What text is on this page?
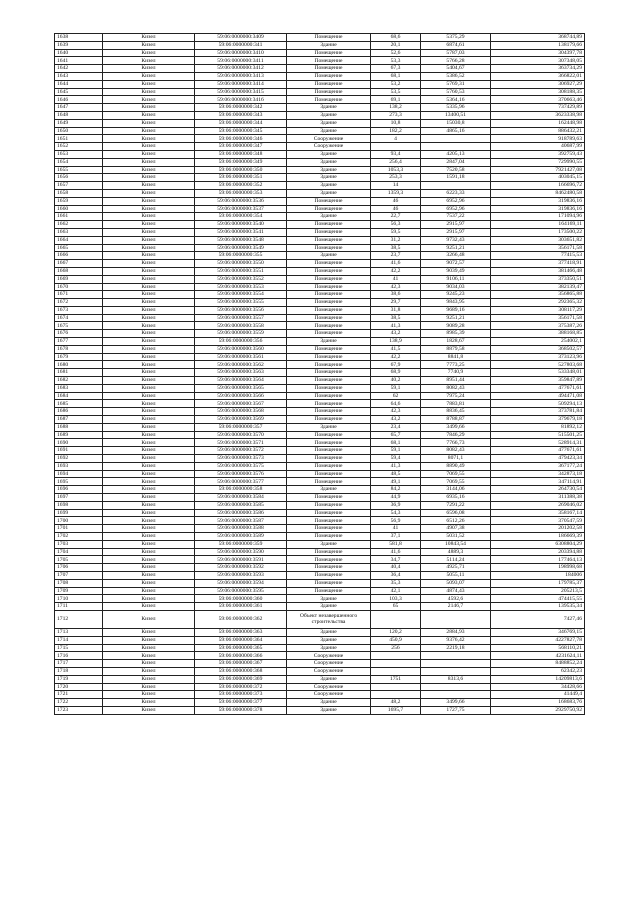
1638	Кизел	59:06:0000000:3409	Помещение	68,6	5375,29	368744,89
1639	Кизел	59:06:0000000:341	Здание	20,1	6874,61	138179,66
1640	Кизел	59:06:0000000:3410	Помещение	52,6	5787,03	304397,78
1641	Кизел	59:06:0000000:3411	Помещение	53,3	5766,28	307348,05
1642	Кизел	59:06:0000000:3412	Помещение	67,3	5404,67	363734,29
1643	Кизел	59:06:0000000:3413	Помещение	68,1	5386,52	366822,01
1644	Кизел	59:06:0000000:3414	Помещение	53,2	5769,31	306927,29
1645	Кизел	59:06:0000000:3415	Помещение	53,5	5760,53	308188,35
1646	Кизел	59:06:0000000:3416	Помещение	69,1	5364,16	370663,46
1647	Кизел	59:06:0000000:342	Здание	138,2	5335,96	737429,89
1648	Кизел	59:06:0000000:343	Здание	273,3	13400,51	3623338,98
1649	Кизел	59:06:0000000:344	Здание	10,8	15030,8	162448,98
1650	Кизел	59:06:0000000:345	Здание	182,2	4865,16	886432,21
1651	Кизел	59:06:0000000:346	Сооружение	4		918789,63
1652	Кизел	59:06:0000000:347	Сооружение			40687,99
1653	Кизел	59:06:0000000:348	Здание	93,4	4205,13	392759,43
1654	Кизел	59:06:0000000:349	Здание	256,4	2847,04	729990,55
1655	Кизел	59:06:0000000:350	Здание	1053,3	7520,58	7921427,08
1656	Кизел	59:06:0000000:351	Здание	253,3	1591,18	403045,15
1657	Кизел	59:06:0000000:352	Здание	14		166696,72
1658	Кизел	59:06:0000000:353	Здание	1359,3	6223,33	8462480,58
1659	Кизел	59:06:0000000:3536	Помещение	46	6952,96	319836,16
1660	Кизел	59:06:0000000:3537	Помещение	46	6952,96	319836,16
1661	Кизел	59:06:0000000:354	Здание	22,7	7537,22	171094,96
1662	Кизел	59:06:0000000:3540	Помещение	56,3	2915,97	164169,11
1663	Кизел	59:06:0000000:3541	Помещение	59,5	2915,97	173500,22
1664	Кизел	59:06:0000000:3548	Помещение	31,2	9732,43	303651,82
1665	Кизел	59:06:0000000:3549	Помещение	38,5	9251,21	356171,58
1666	Кизел	59:06:0000000:355	Здание	23,7	3266,48	77415,53
1667	Кизел	59:06:0000000:3550	Помещение	41,6	9072,57	377418,91
1668	Кизел	59:06:0000000:3551	Помещение	42,2	9039,49	381466,48
1669	Кизел	59:06:0000000:3552	Помещение	41	9106,11	373350,51
1670	Кизел	59:06:0000000:3553	Помещение	42,3	9034,03	382139,47
1671	Кизел	59:06:0000000:3554	Помещение	38,6	9245,23	356865,88
1672	Кизел	59:06:0000000:3555	Помещение	29,7	9843,95	292365,32
1673	Кизел	59:06:0000000:3556	Помещение	31,8	9689,16	308117,29
1674	Кизел	59:06:0000000:3557	Помещение	38,5	9251,21	356171,58
1675	Кизел	59:06:0000000:3558	Помещение	41,3	9089,28	375387,26
1676	Кизел	59:06:0000000:3559	Помещение	43,2	8985,39	388168,85
1677	Кизел	59:06:0000000:356	Здание	138,9	1828,67	254002,1
1678	Кизел	59:06:0000000:3560	Помещение	41,5	8879,58	368502,57
1679	Кизел	59:06:0000000:3561	Помещение	42,2	8841,8	373123,96
1680	Кизел	59:06:0000000:3562	Помещение	67,9	7773,25	527803,68
1681	Кизел	59:06:0000000:3563	Помещение	68,9	7740,9	533348,01
1682	Кизел	59:06:0000000:3564	Помещение	40,2	8951,44	359847,89
1683	Кизел	59:06:0000000:3565	Помещение	59,1	8082,43	477671,61
1684	Кизел	59:06:0000000:3566	Помещение	62	7975,24	494471,08
1685	Кизел	59:06:0000000:3567	Помещение	64,6	7883,81	509294,13
1686	Кизел	59:06:0000000:3568	Помещение	42,3	8836,45	373781,84
1687	Кизел	59:06:0000000:3569	Помещение	43,2	8788,87	379679,18
1688	Кизел	59:06:0000000:357	Здание	23,4	3499,66	81892,12
1689	Кизел	59:06:0000000:3570	Помещение	65,7	7846,29	515501,25
1690	Кизел	59:06:0000000:3571	Помещение	68,1	7766,73	528914,31
1691	Кизел	59:06:0000000:3572	Помещение	59,1	8082,43	477671,61
1692	Кизел	59:06:0000000:3573	Помещение	59,4	8071,1	479423,34
1693	Кизел	59:06:0000000:3575	Помещение	41,3	8890,49	367177,24
1694	Кизел	59:06:0000000:3576	Помещение	48,5	7069,55	342873,18
1695	Кизел	59:06:0000000:3577	Помещение	49,1	7069,55	347114,91
1696	Кизел	59:06:0000000:358	Здание	84,2	3144,06	264730,54
1697	Кизел	59:06:0000000:3584	Помещение	44,9	6935,16	311388,38
1698	Кизел	59:06:0000000:3585	Помещение	36,9	7291,22	269046,02
1699	Кизел	59:06:0000000:3586	Помещение	54,3	6596,08	358167,14
1700	Кизел	59:06:0000000:3587	Помещение	56,9	6512,26	370547,59
1701	Кизел	59:06:0000000:3588	Помещение	41	4907,38	201202,58
1702	Кизел	59:06:0000000:3589	Помещение	37,1	5031,52	186669,39
1703	Кизел	59:06:0000000:359	Здание	581,8	10843,54	6308804,29
1704	Кизел	59:06:0000000:3590	Помещение	41,6	4889,3	203394,88
1705	Кизел	59:06:0000000:3591	Помещение	34,7	5114,24	177464,13
1706	Кизел	59:06:0000000:3592	Помещение	40,4	4925,71	198998,68
1707	Кизел	59:06:0000000:3593	Помещение	36,4	5055,11	184006
1708	Кизел	59:06:0000000:3594	Помещение	35,3	5093,07	179785,37
1709	Кизел	59:06:0000000:3595	Помещение	42,1	4874,43	205213,5
1710	Кизел	59:06:0000000:360	Здание	103,3	4592,6	474415,55
1711	Кизел	59:06:0000000:361	Здание	65	2146,7	139535,34
1712	Кизел	59:06:0000000:362	Объект незавершенного строительства			7427,46
1713	Кизел	59:06:0000000:363	Здание	120,2	2884,93	346769,15
1714	Кизел	59:06:0000000:364	Здание	450,9	9376,42	4227827,78
1715	Кизел	59:06:0000000:365	Здание	256	2219,18	568110,21
1716	Кизел	59:06:0000000:366	Сооружение			4231624,11
1717	Кизел	59:06:0000000:367	Сооружение			8488852,24
1718	Кизел	59:06:0000000:368	Сооружение			62342,23
1719	Кизел	59:06:0000000:369	Здание	1751	8313,6	14209813,6
1720	Кизел	59:06:0000000:372	Сооружение			34428,66
1721	Кизел	59:06:0000000:373	Сооружение			41449,4
1722	Кизел	59:06:0000000:377	Здание	48,2	3499,66	168683,76
1723	Кизел	59:06:0000000:378	Здание	1695,7	1727,75	2929750,92
